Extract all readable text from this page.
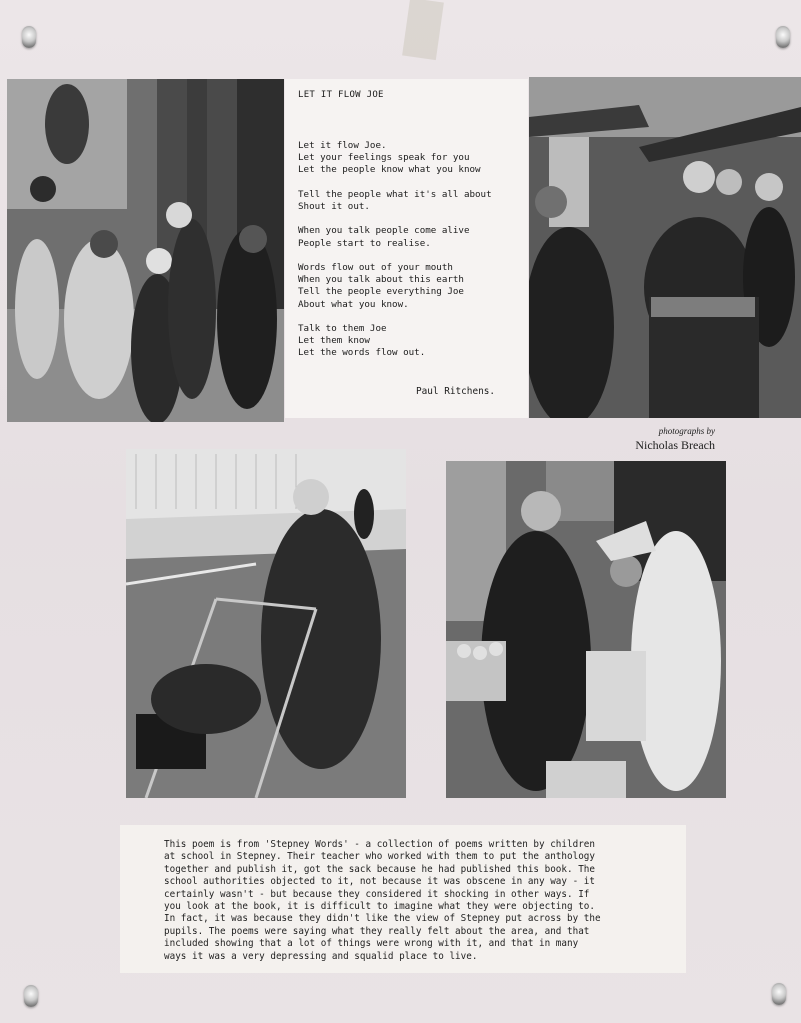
LET IT FLOW JOE
Let it flow Joe.
Let your feelings speak for you
Let the people know what you know

Tell the people what it's all about
Shout it out.

When you talk people come alive
People start to realise.

Words flow out of your mouth
When you talk about this earth
Tell the people everything Joe
About what you know.

Talk to them Joe
Let them know
Let the words flow out.
Paul Ritchens.
photographs by
Nicholas Breach
This poem is from 'Stepney Words' - a collection of poems written by children
at school in Stepney. Their teacher who worked with them to put the anthology
together and publish it, got the sack because he had published this book. The
school authorities objected to it, not because it was obscene in any way - it
certainly wasn't - but because they considered it shocking in other ways. If
you look at the book, it is difficult to imagine what they were objecting to.
In fact, it was because they didn't like the view of Stepney put across by the
pupils. The poems were saying what they really felt about the area, and that
included showing that a lot of things were wrong with it, and that in many
ways it was a very depressing and squalid place to live.
